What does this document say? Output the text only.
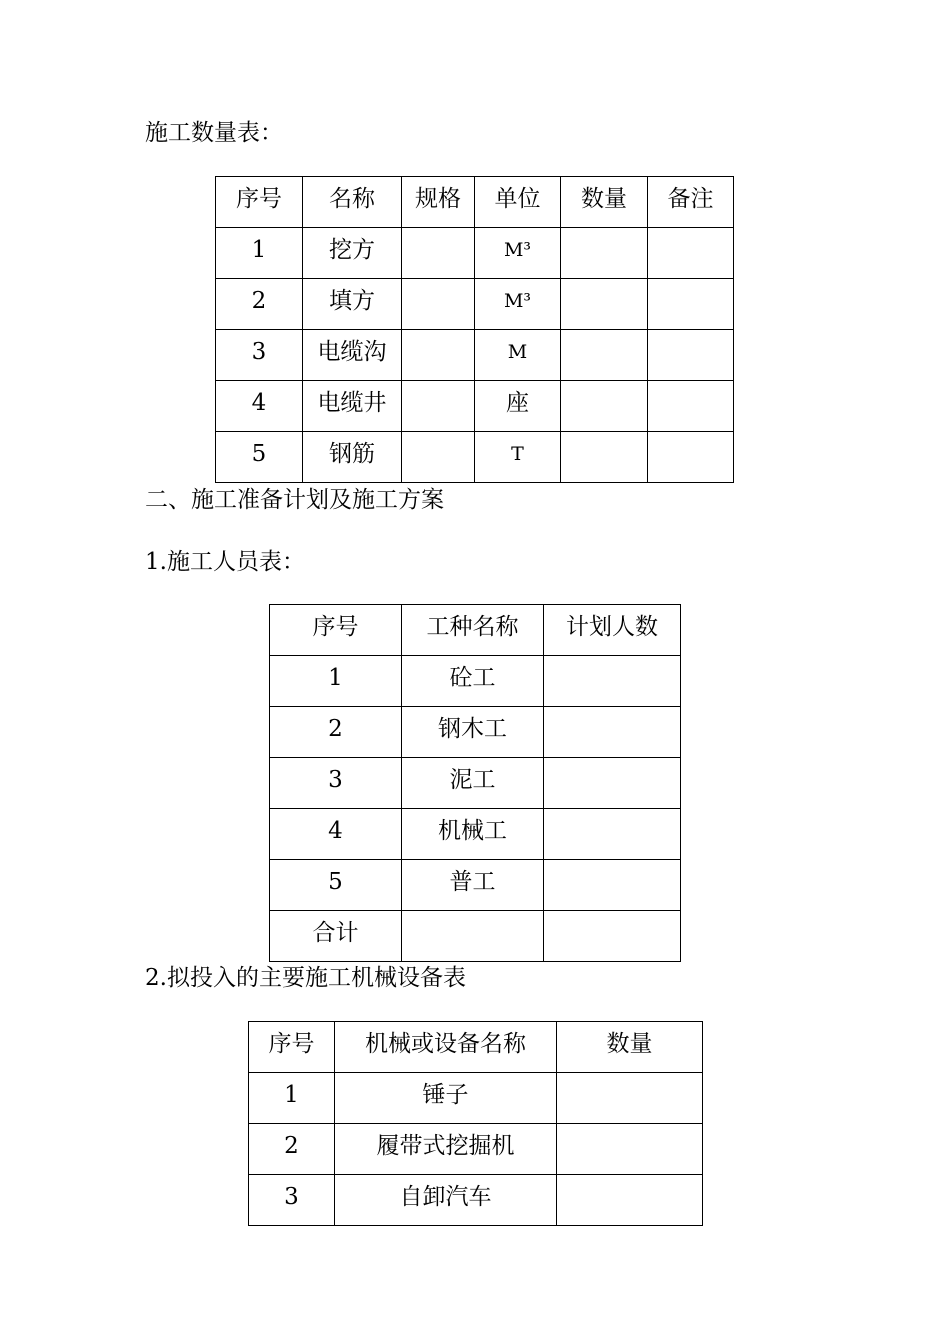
施工数量表：
序号	名称	规格	单位	数量	备注
1	挖方		M³		
2	填方		M³		
3	电缆沟		M		
4	电缆井		座		
5	钢筋		T		
二、施工准备计划及施工方案
1.施工人员表：
序号	工种名称	计划人数
1	砼工	
2	钢木工	
3	泥工	
4	机械工	
5	普工	
合计		
2.拟投入的主要施工机械设备表
序号	机械或设备名称	数量
1	锤子	
2	履带式挖掘机	
3	自卸汽车	
